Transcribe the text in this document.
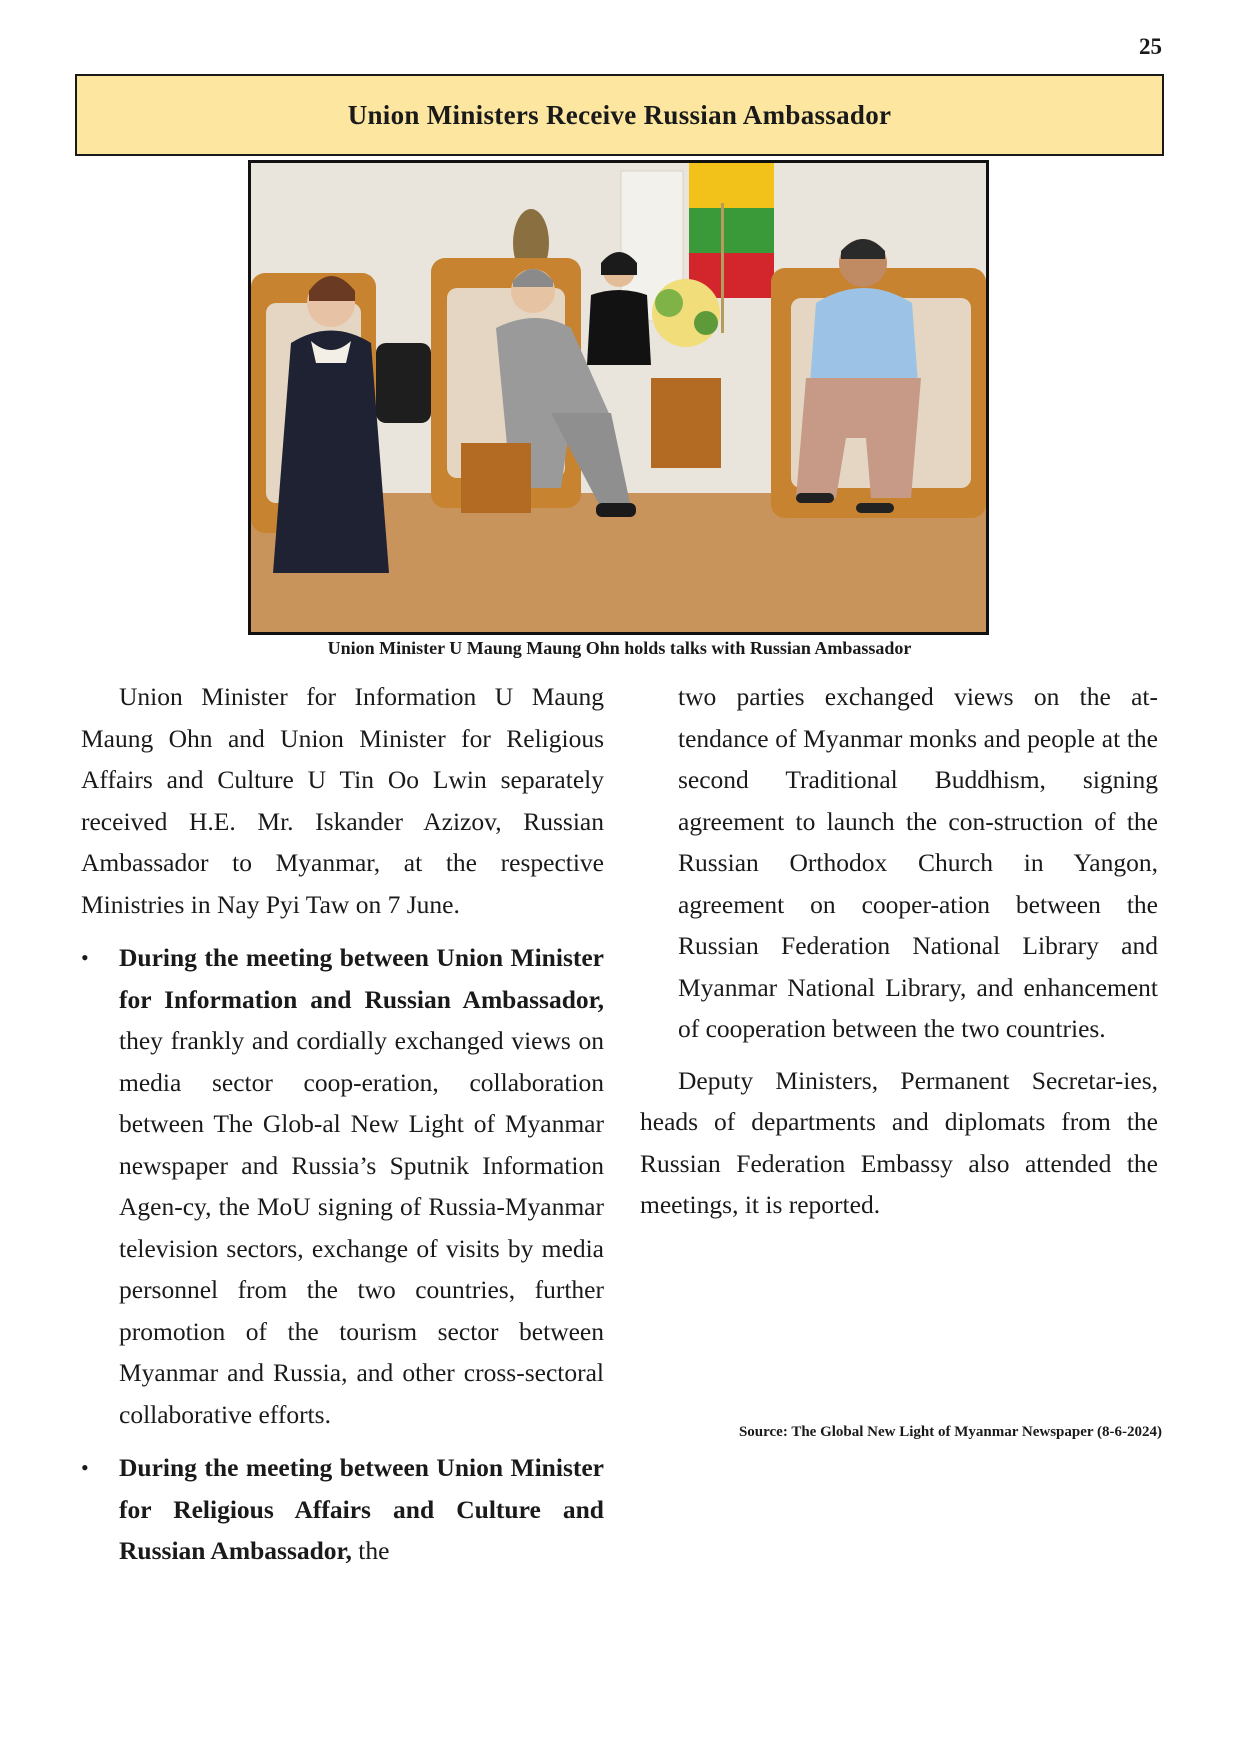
25
Union Ministers Receive Russian Ambassador
Union Minister U Maung Maung Ohn holds talks with Russian Ambassador

Union Minister for Information U Maung Maung Ohn and Union Minister for Religious Affairs and Culture U Tin Oo Lwin separately received H.E. Mr. Iskander Azizov, Russian Ambassador to Myanmar, at the respective Ministries in Nay Pyi Taw on 7 June.

• During the meeting between Union Minister for Information and Russian Ambassador, they frankly and cordially exchanged views on media sector coop-eration, collaboration between The Glob-al New Light of Myanmar newspaper and Russia’s Sputnik Information Agen-cy, the MoU signing of Russia-Myanmar television sectors, exchange of visits by media personnel from the two countries, further promotion of the tourism sector between Myanmar and Russia, and other cross-sectoral collaborative efforts.
• During the meeting between Union Minister for Religious Affairs and Culture and Russian Ambassador, the

two parties exchanged views on the at-tendance of Myanmar monks and people at the second Traditional Buddhism, signing agreement to launch the con-struction of the Russian Orthodox Church in Yangon, agreement on cooper-ation between the Russian Federation National Library and Myanmar National Library, and enhancement of cooperation between the two countries.

Deputy Ministers, Permanent Secretar-ies, heads of departments and diplomats from the Russian Federation Embassy also attended the meetings, it is reported.

Source: The Global New Light of Myanmar Newspaper (8-6-2024)
